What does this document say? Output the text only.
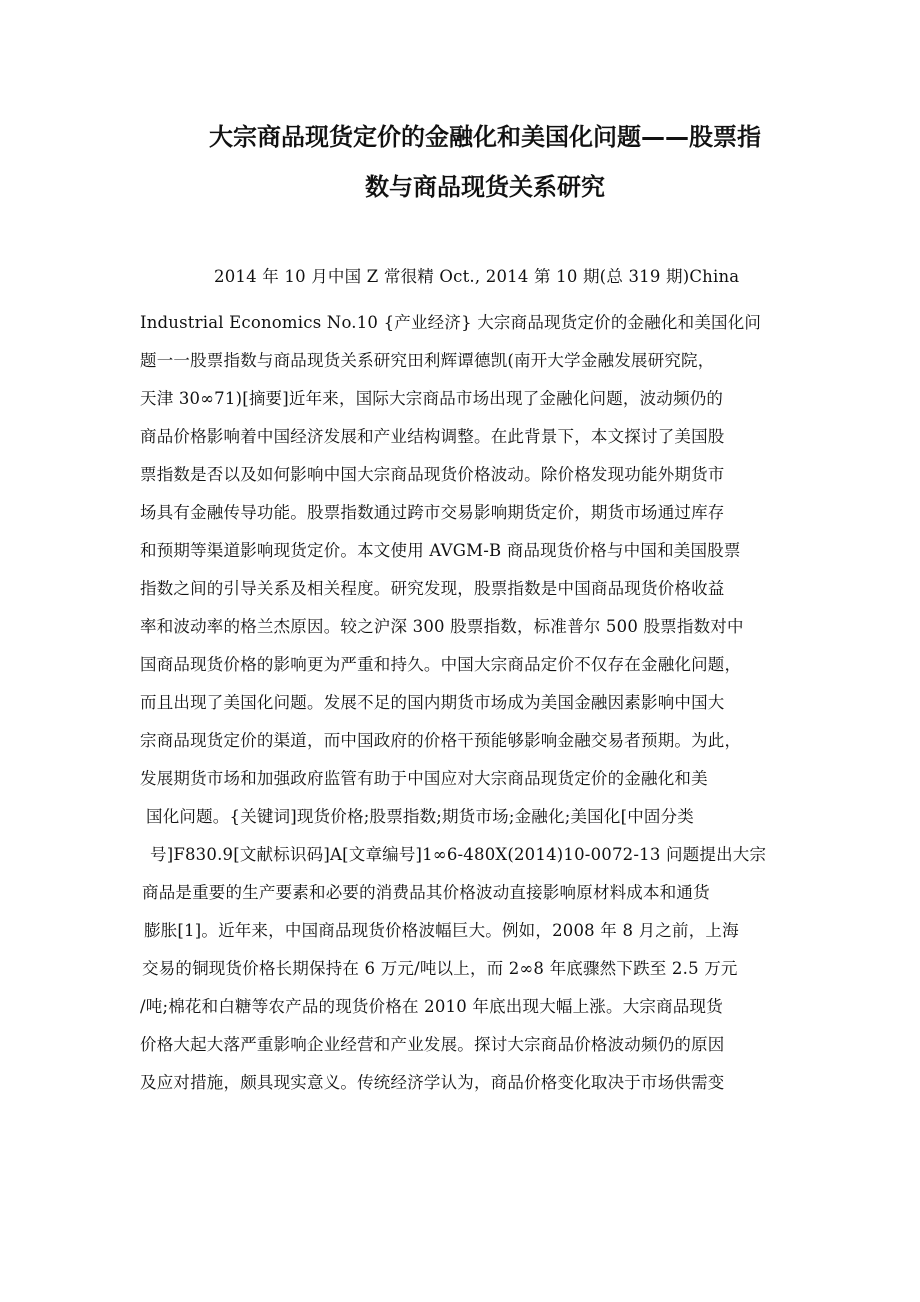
大宗商品现货定价的金融化和美国化问题——股票指
数与商品现货关系研究
2014 年 10 月中国 Z 常很精 Oct., 2014 第 10 期(总 319 期)China
Industrial Economics No.10 {产业经济} 大宗商品现货定价的金融化和美国化问
题一一股票指数与商品现货关系研究田利辉谭德凯(南开大学金融发展研究院，
天津 30∞71)[摘要]近年来，国际大宗商品市场出现了金融化问题，波动频仍的
商品价格影响着中国经济发展和产业结构调整。在此背景下，本文探讨了美国股
票指数是否以及如何影响中国大宗商品现货价格波动。除价格发现功能外期货市
场具有金融传导功能。股票指数通过跨市交易影响期货定价，期货市场通过库存
和预期等渠道影响现货定价。本文使用 AVGM-B 商品现货价格与中国和美国股票
指数之间的引导关系及相关程度。研究发现，股票指数是中国商品现货价格收益
率和波动率的格兰杰原因。较之沪深 300 股票指数，标准普尔 500 股票指数对中
国商品现货价格的影响更为严重和持久。中国大宗商品定价不仅存在金融化问题，
而且出现了美国化问题。发展不足的国内期货市场成为美国金融因素影响中国大
宗商品现货定价的渠道，而中国政府的价格干预能够影响金融交易者预期。为此，
发展期货市场和加强政府监管有助于中国应对大宗商品现货定价的金融化和美
国化问题。{关键词]现货价格;股票指数;期货市场;金融化;美国化[中固分类
号]F830.9[文献标识码]A[文章编号]1∞6-480X(2014)10-0072-13 问题提出大宗
商品是重要的生产要素和必要的消费品其价格波动直接影响原材料成本和通货
膨胀[1]。近年来，中国商品现货价格波幅巨大。例如，2008 年 8 月之前，上海
交易的铜现货价格长期保持在 6 万元/吨以上，而 2∞8 年底骤然下跌至 2.5 万元
/吨;棉花和白糖等农产品的现货价格在 2010 年底出现大幅上涨。大宗商品现货
价格大起大落严重影响企业经营和产业发展。探讨大宗商品价格波动频仍的原因
及应对措施，颇具现实意义。传统经济学认为，商品价格变化取决于市场供需变
